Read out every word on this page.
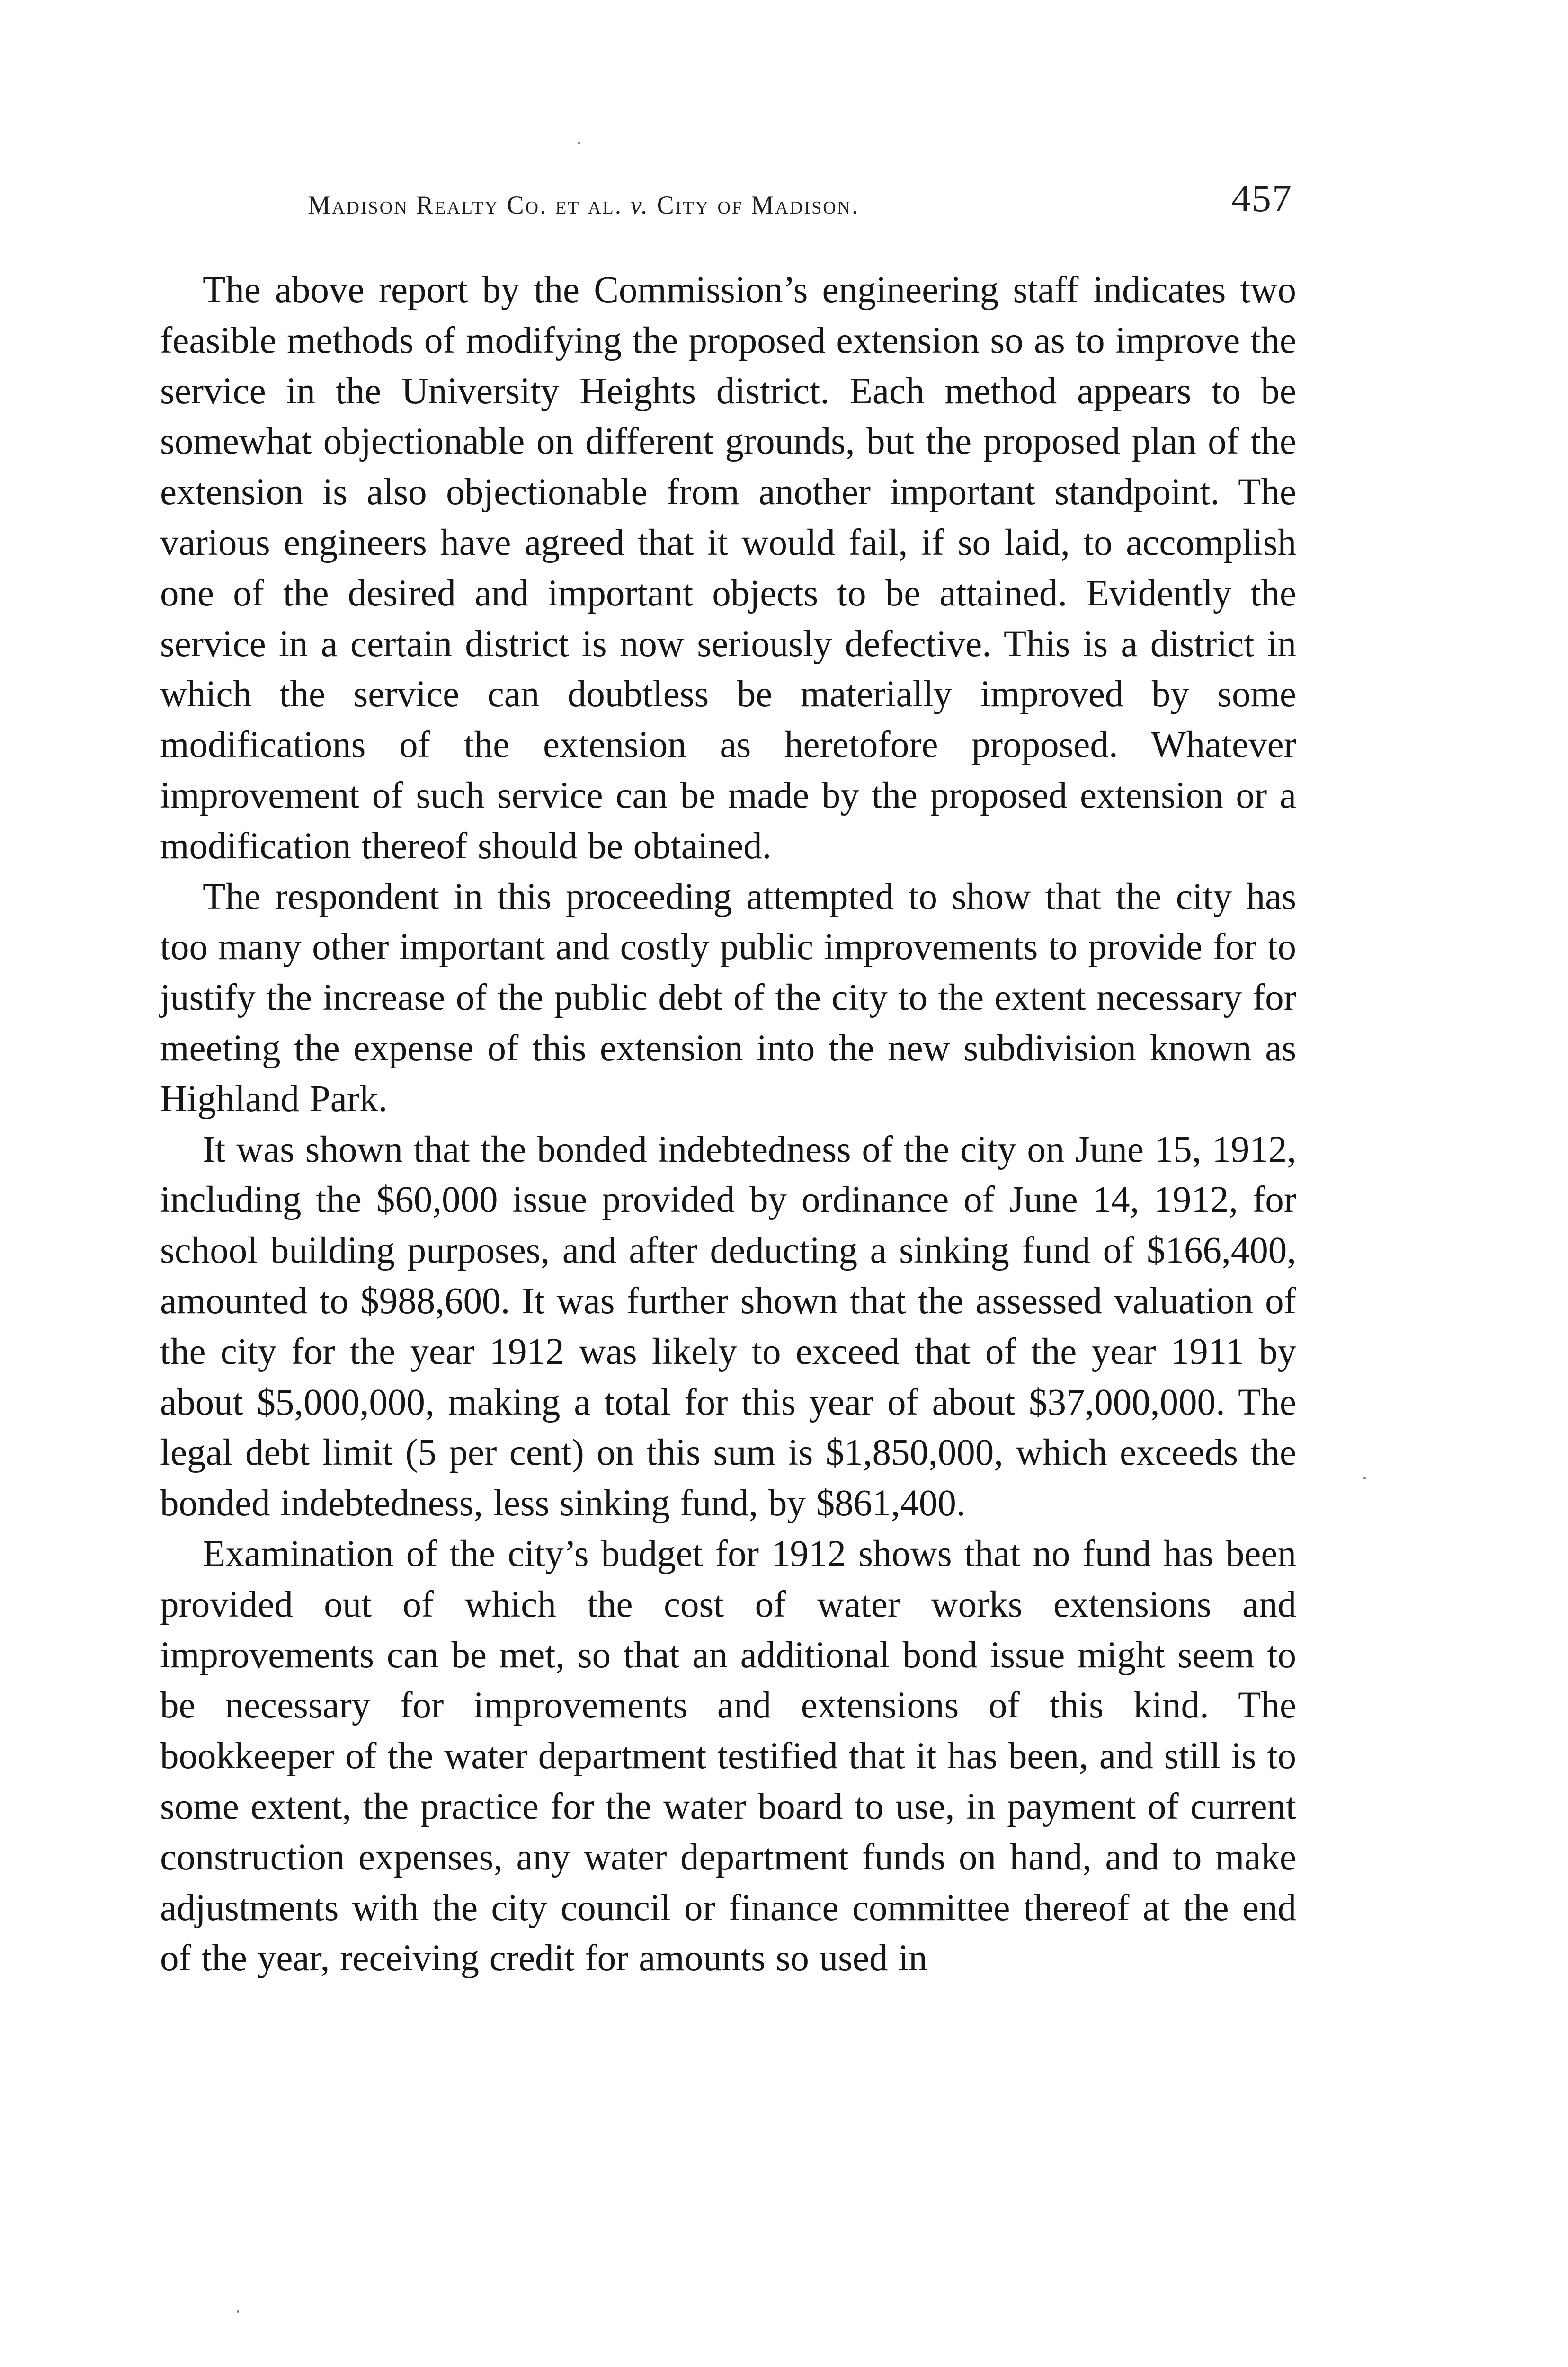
Madison Realty Co. et al. v. City of Madison.	457

The above report by the Commission’s engineering staff indicates two feasible methods of modifying the proposed extension so as to improve the service in the University Heights district. Each method appears to be somewhat objectionable on different grounds, but the proposed plan of the extension is also objectionable from another important standpoint. The various engineers have agreed that it would fail, if so laid, to accomplish one of the desired and important objects to be attained. Evidently the service in a certain district is now seriously defective. This is a district in which the service can doubtless be materially improved by some modifications of the extension as heretofore proposed. Whatever improvement of such service can be made by the proposed extension or a modification thereof should be obtained.

The respondent in this proceeding attempted to show that the city has too many other important and costly public improvements to provide for to justify the increase of the public debt of the city to the extent necessary for meeting the expense of this extension into the new subdivision known as Highland Park.

It was shown that the bonded indebtedness of the city on June 15, 1912, including the $60,000 issue provided by ordinance of June 14, 1912, for school building purposes, and after deducting a sinking fund of $166,400, amounted to $988,600. It was further shown that the assessed valuation of the city for the year 1912 was likely to exceed that of the year 1911 by about $5,000,000, making a total for this year of about $37,000,000. The legal debt limit (5 per cent) on this sum is $1,850,000, which exceeds the bonded indebtedness, less sinking fund, by $861,400.

Examination of the city’s budget for 1912 shows that no fund has been provided out of which the cost of water works extensions and improvements can be met, so that an additional bond issue might seem to be necessary for improvements and extensions of this kind. The bookkeeper of the water department testified that it has been, and still is to some extent, the practice for the water board to use, in payment of current construction expenses, any water department funds on hand, and to make adjustments with the city council or finance committee thereof at the end of the year, receiving credit for amounts so used in
